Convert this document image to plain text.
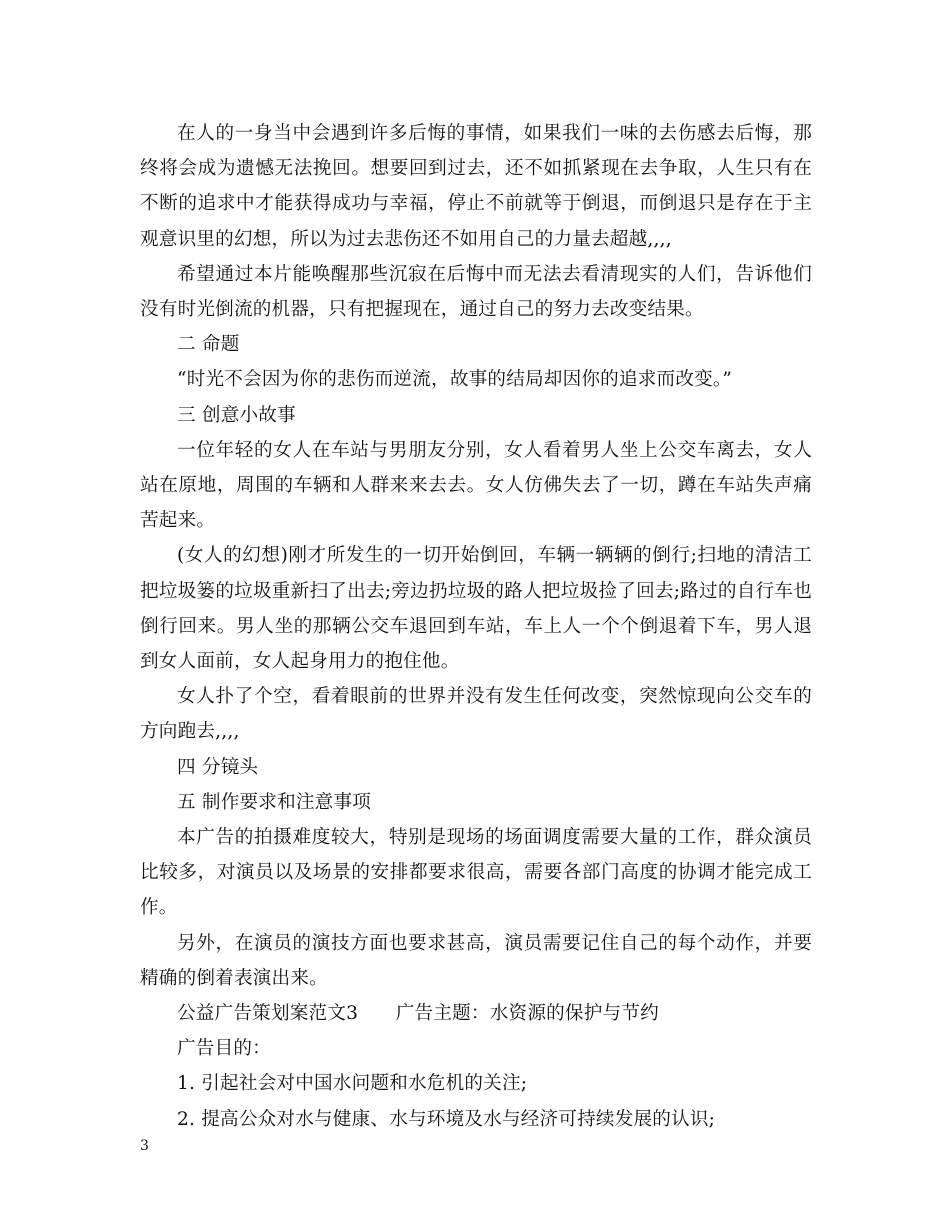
在人的一身当中会遇到许多后悔的事情，如果我们一味的去伤感去后悔，那终将会成为遗憾无法挽回。想要回到过去，还不如抓紧现在去争取，人生只有在不断的追求中才能获得成功与幸福，停止不前就等于倒退，而倒退只是存在于主观意识里的幻想，所以为过去悲伤还不如用自己的力量去超越,,,,

希望通过本片能唤醒那些沉寂在后悔中而无法去看清现实的人们，告诉他们没有时光倒流的机器，只有把握现在，通过自己的努力去改变结果。

二 命题

“时光不会因为你的悲伤而逆流，故事的结局却因你的追求而改变。”

三 创意小故事

一位年轻的女人在车站与男朋友分别，女人看着男人坐上公交车离去，女人站在原地，周围的车辆和人群来来去去。女人仿佛失去了一切，蹲在车站失声痛苦起来。

(女人的幻想)刚才所发生的一切开始倒回，车辆一辆辆的倒行;扫地的清洁工把垃圾篓的垃圾重新扫了出去;旁边扔垃圾的路人把垃圾捡了回去;路过的自行车也倒行回来。男人坐的那辆公交车退回到车站，车上人一个个倒退着下车，男人退到女人面前，女人起身用力的抱住他。

女人扑了个空，看着眼前的世界并没有发生任何改变，突然惊现向公交车的方向跑去,,,,

四 分镜头

五 制作要求和注意事项

本广告的拍摄难度较大，特别是现场的场面调度需要大量的工作，群众演员比较多，对演员以及场景的安排都要求很高，需要各部门高度的协调才能完成工作。

另外，在演员的演技方面也要求甚高，演员需要记住自己的每个动作，并要精确的倒着表演出来。

公益广告策划案范文3　　广告主题：水资源的保护与节约

广告目的：

1. 引起社会对中国水问题和水危机的关注;

2. 提高公众对水与健康、水与环境及水与经济可持续发展的认识;

3
